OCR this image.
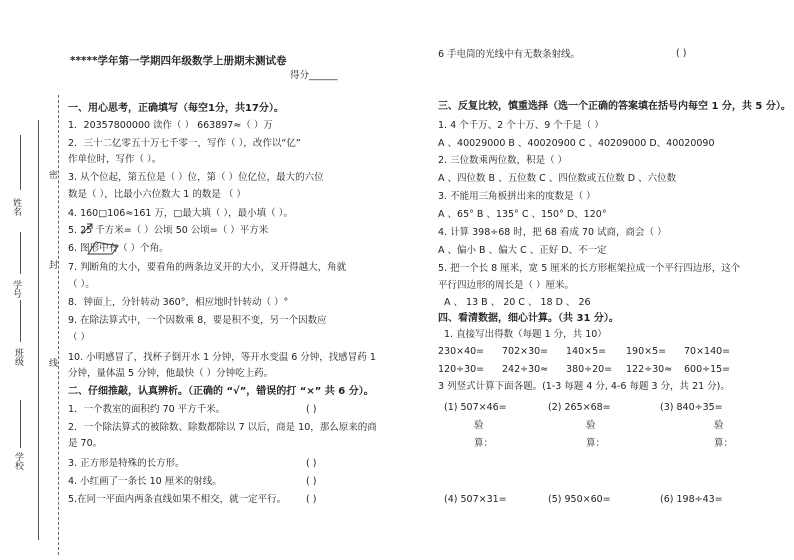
姓名
学号
班级
学校
密
封
线
*****学年第一学期四年级数学上册期末测试卷
得分______
一、用心思考，正确填写（每空1分，共17分）。
1．20357800000 读作（ ） 663897≈（ ）万
2．三十二亿零五十万七千零一，写作（ ），改作以“亿”
作单位时，写作（ ）。
3. 从个位起，第五位是（ ）位，第（ ）位亿位，最大的六位
数是（ ），比最小六位数大 1 的数是 （ ）
4. 160□106≈161 万，□最大填（ ），最小填（ ）。
5. 25 千方米=（ ）公顷 50 公顷=（ ）平方米
6. 图形中有（ ）个角。
7. 判断角的大小，要看角的两条边叉开的大小，叉开得越大，角就
（ ）。
8．钟面上，分针转动 360°，相应地时针转动（ ）°
9. 在除法算式中，一个因数乘 8，要是积不变，另一个因数应
（ ）
10. 小明感冒了，找杯子倒开水 1 分钟，等开水变温 6 分钟，找感冒药 1
分钟，量体温 5 分钟，他最快（ ）分钟吃上药。
二、仔细推敲，认真辨析。（正确的 “√”，错误的打 “×” 共 6 分）。
1．一个教室的面积约 70 平方千米。	( )
2．一个除法算式的被除数、除数都除以 7 以后，商是 10，那么原来的商
是 70。
3. 正方形是特殊的长方形。	( )
4. 小红画了一条长 10 厘米的射线。	( )
5.在同一平面内两条直线如果不相交，就一定平行。 ( )
6 手电筒的光线中有无数条射线。	( )
三、反复比较，慎重选择（选一个正确的答案填在括号内每空 1 分，共 5 分）。
1. 4 个千万、2 个十万、9 个千是（ ）
A 、40029000 B 、40020900 C 、40209000 D、40020090
2. 三位数乘两位数，积是（ ）
A 、四位数 B 、五位数 C 、四位数或五位数 D 、六位数
3. 不能用三角板拼出来的度数是（ ）
A 、65° B 、135° C 、150° D、120°
4. 计算 398÷68 时，把 68 看成 70 试商，商会（ ）
A 、偏小 B 、偏大 C 、正好 D、不一定
5. 把一个长 8 厘米，宽 5 厘米的长方形框架拉成一个平行四边形，这个
平行四边形的周长是（ ）厘米。
A 、 13 B 、 20 C 、 18 D 、 26
四、看清数据，细心计算。（共 31 分）。
1. 直接写出得数（每题 1 分，共 10）
230×40= 702×30= 140×5= 190×5= 70×140=
120÷30= 242÷30≈ 380÷20= 122÷30≈ 600÷15=
3 列竖式计算下面各题。(1-3 每题 4 分, 4-6 每题 3 分，共 21 分)。
(1) 507×46=	(2) 265×68=	(3) 840÷35=
验	验	验
算：	算：	算：
(4) 507×31=	(5) 950×60=	(6) 198÷43=
